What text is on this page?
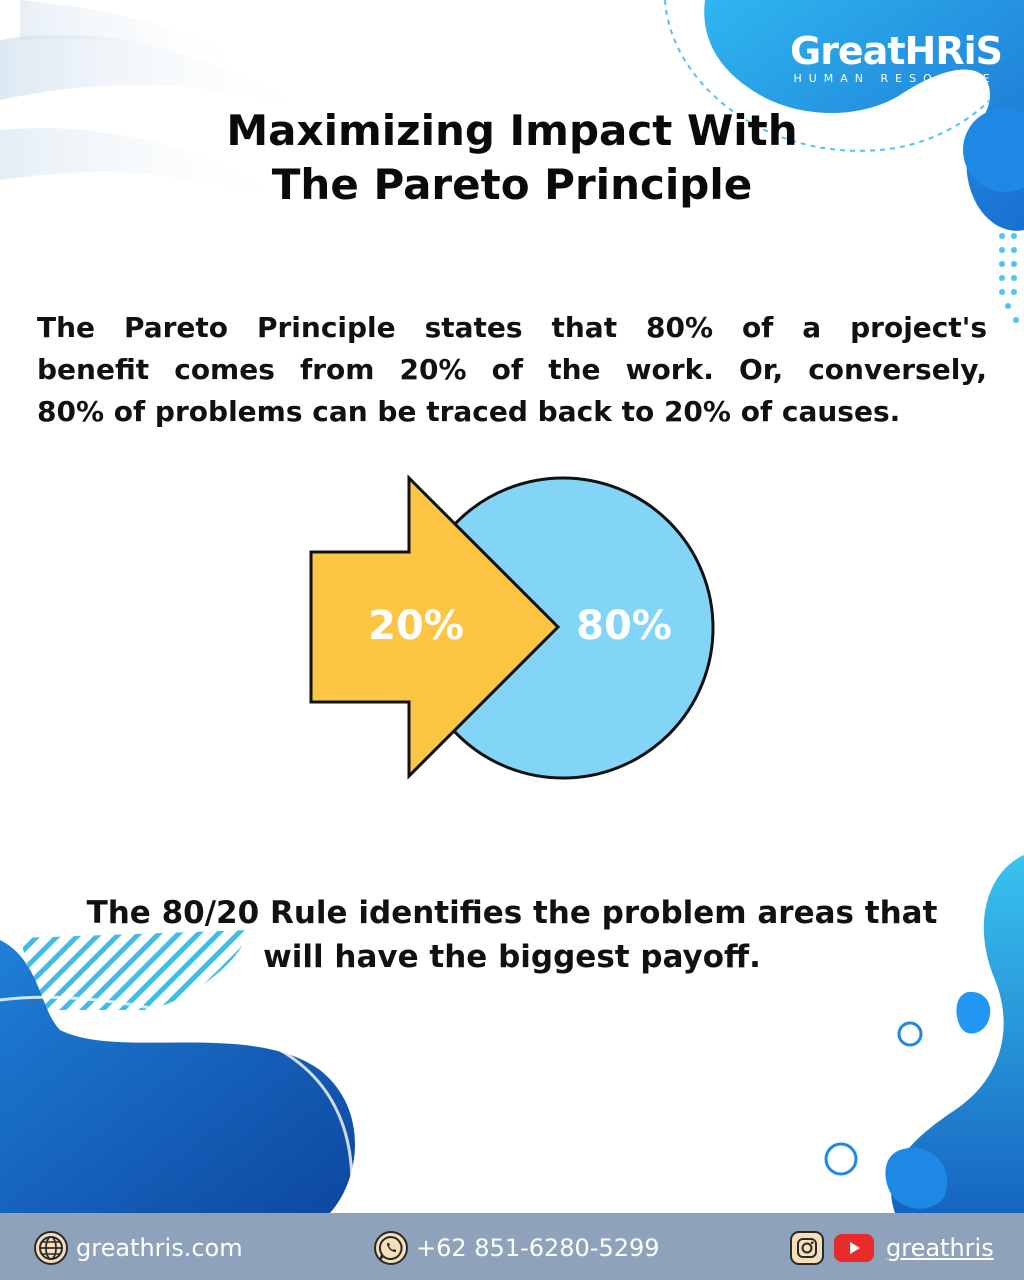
GreatHRiS
HUMAN RESOURCE
Maximizing Impact With
The Pareto Principle
The Pareto Principle states that 80% of a project's
benefit comes from 20% of the work. Or, conversely,
80% of problems can be traced back to 20% of causes.
20%	80%
The 80/20 Rule identifies the problem areas that
will have the biggest payoff.
greathris.com	+62 851-6280-5299	greathris
